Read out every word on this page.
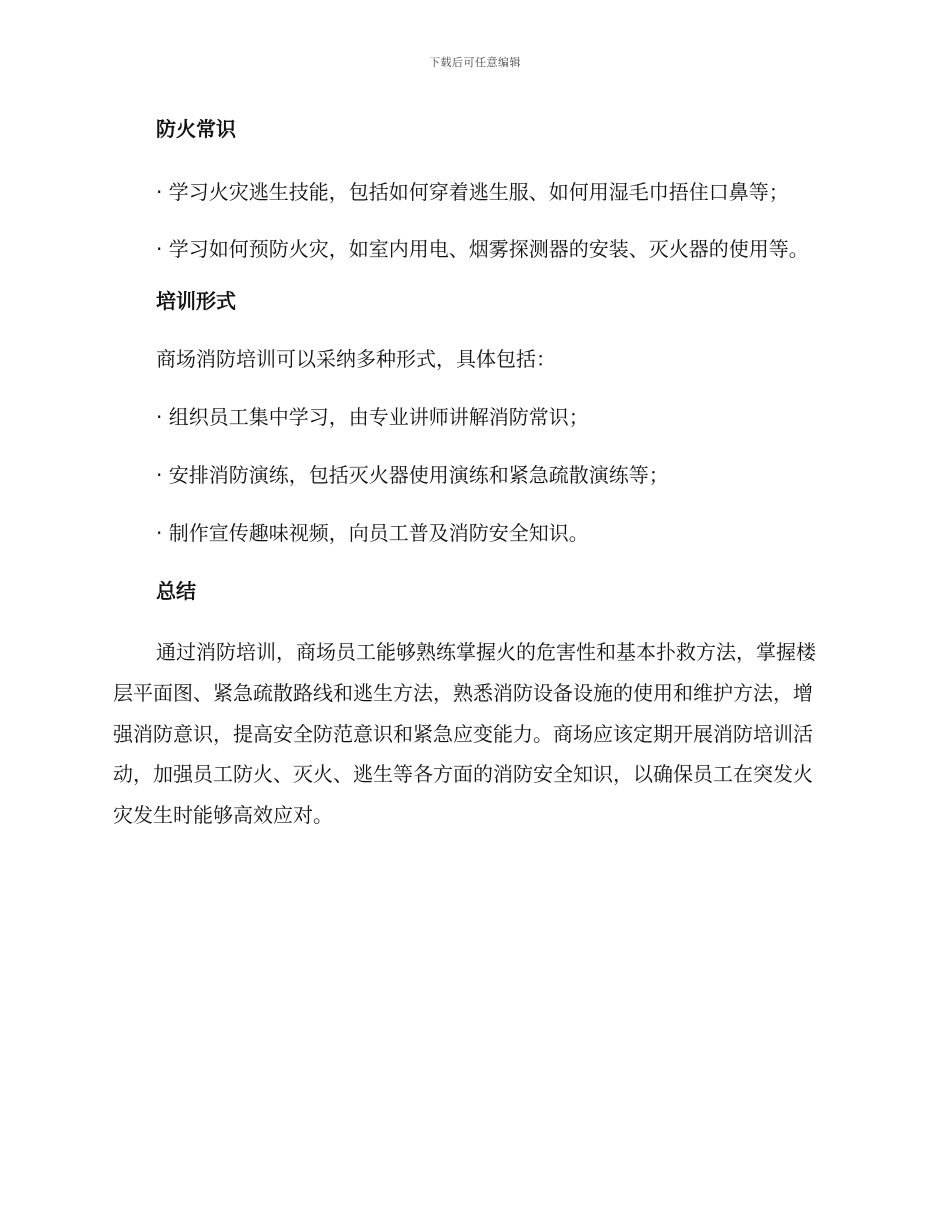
下载后可任意编辑
防火常识

· 学习火灾逃生技能，包括如何穿着逃生服、如何用湿毛巾捂住口鼻等；

· 学习如何预防火灾，如室内用电、烟雾探测器的安装、灭火器的使用等。

培训形式
商场消防培训可以采纳多种形式，具体包括：
· 组织员工集中学习，由专业讲师讲解消防常识；
· 安排消防演练，包括灭火器使用演练和紧急疏散演练等；
· 制作宣传趣味视频，向员工普及消防安全知识。
总结

通过消防培训，商场员工能够熟练掌握火的危害性和基本扑救方法，掌握楼层平面图、紧急疏散路线和逃生方法，熟悉消防设备设施的使用和维护方法，增强消防意识，提高安全防范意识和紧急应变能力。商场应该定期开展消防培训活动，加强员工防火、灭火、逃生等各方面的消防安全知识，以确保员工在突发火灾发生时能够高效应对。
